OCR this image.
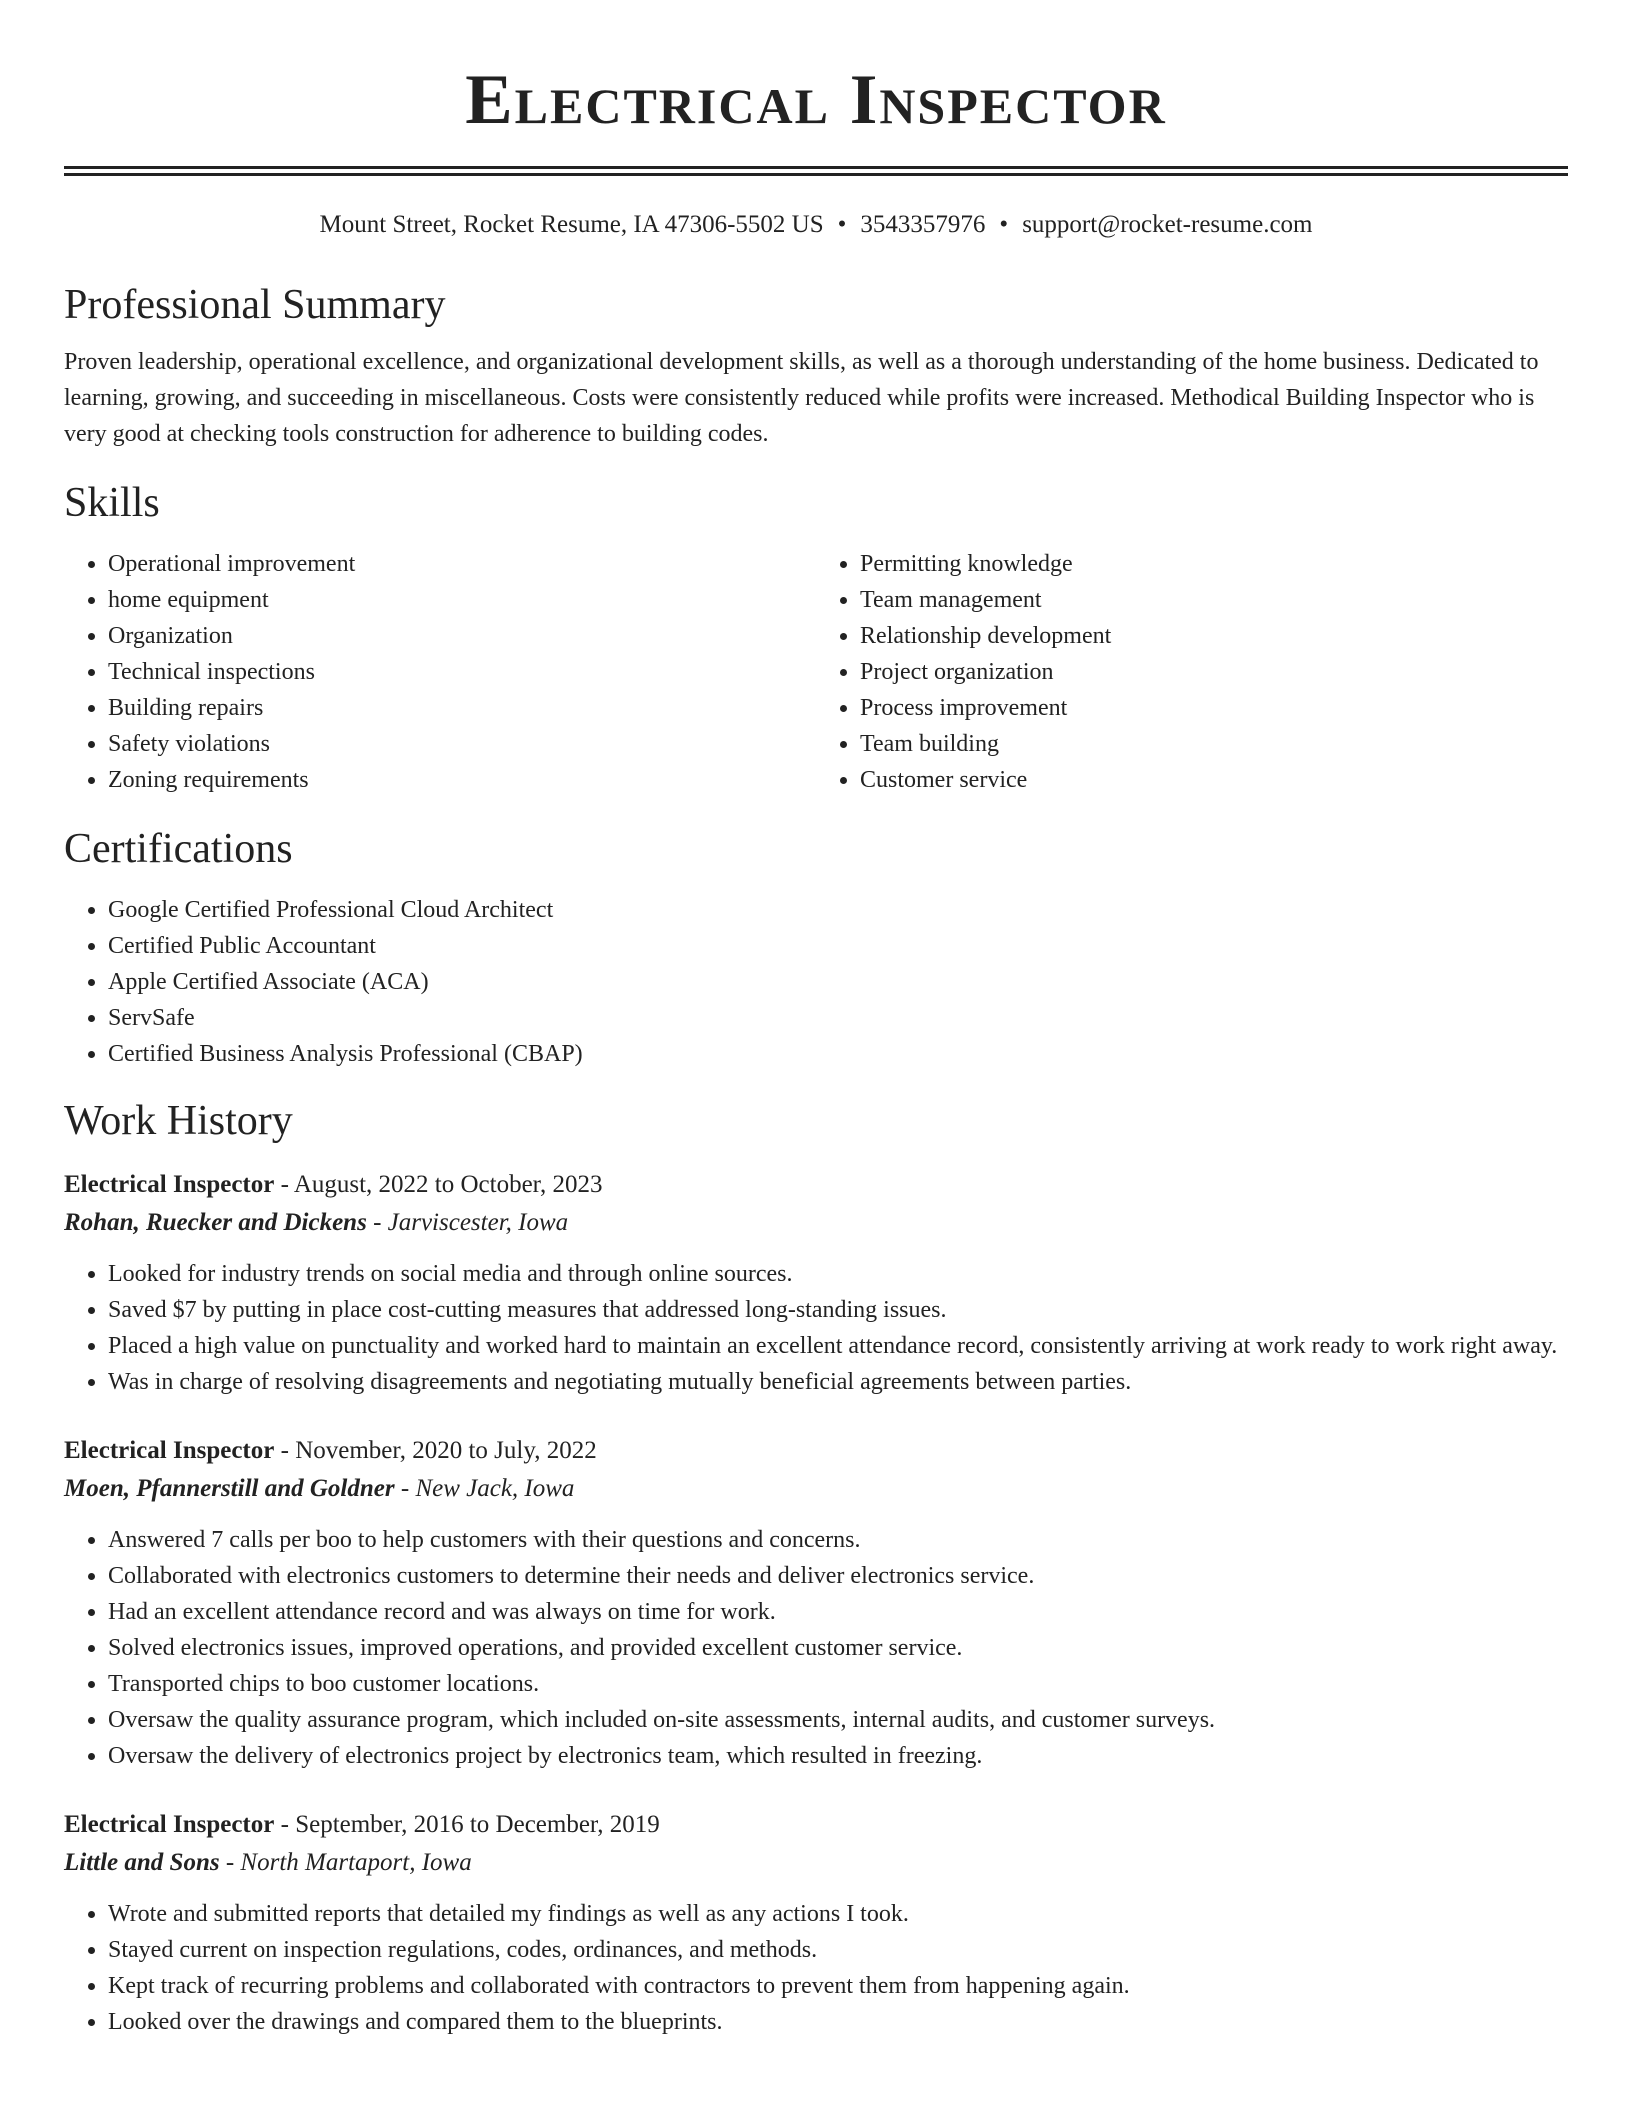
Electrical Inspector
Mount Street, Rocket Resume, IA 47306-5502 US • 3543357976 • support@rocket-resume.com
Professional Summary
Proven leadership, operational excellence, and organizational development skills, as well as a thorough understanding of the home business. Dedicated to learning, growing, and succeeding in miscellaneous. Costs were consistently reduced while profits were increased. Methodical Building Inspector who is very good at checking tools construction for adherence to building codes.
Skills
• Operational improvement
• home equipment
• Organization
• Technical inspections
• Building repairs
• Safety violations
• Zoning requirements
• Permitting knowledge
• Team management
• Relationship development
• Project organization
• Process improvement
• Team building
• Customer service
Certifications
• Google Certified Professional Cloud Architect
• Certified Public Accountant
• Apple Certified Associate (ACA)
• ServSafe
• Certified Business Analysis Professional (CBAP)
Work History
Electrical Inspector - August, 2022 to October, 2023
Rohan, Ruecker and Dickens - Jarviscester, Iowa
• Looked for industry trends on social media and through online sources.
• Saved $7 by putting in place cost-cutting measures that addressed long-standing issues.
• Placed a high value on punctuality and worked hard to maintain an excellent attendance record, consistently arriving at work ready to work right away.
• Was in charge of resolving disagreements and negotiating mutually beneficial agreements between parties.
Electrical Inspector - November, 2020 to July, 2022
Moen, Pfannerstill and Goldner - New Jack, Iowa
• Answered 7 calls per boo to help customers with their questions and concerns.
• Collaborated with electronics customers to determine their needs and deliver electronics service.
• Had an excellent attendance record and was always on time for work.
• Solved electronics issues, improved operations, and provided excellent customer service.
• Transported chips to boo customer locations.
• Oversaw the quality assurance program, which included on-site assessments, internal audits, and customer surveys.
• Oversaw the delivery of electronics project by electronics team, which resulted in freezing.
Electrical Inspector - September, 2016 to December, 2019
Little and Sons - North Martaport, Iowa
• Wrote and submitted reports that detailed my findings as well as any actions I took.
• Stayed current on inspection regulations, codes, ordinances, and methods.
• Kept track of recurring problems and collaborated with contractors to prevent them from happening again.
• Looked over the drawings and compared them to the blueprints.
